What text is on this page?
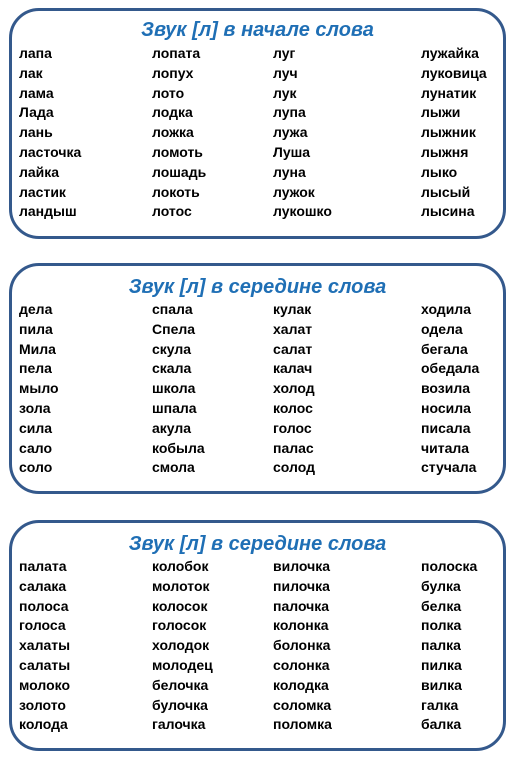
Звук [л] в начале слова
лапа
лак
лама
Лада
лань
ласточка
лайка
ластик
ландыш
лопата
лопух
лото
лодка
ложка
ломоть
лошадь
локоть
лотос
луг
луч
лук
лупа
лужа
Луша
луна
лужок
лукошко
лужайка
луковица
лунатик
лыжи
лыжник
лыжня
лыко
лысый
лысина
Звук [л] в середине слова
дела
пила
Мила
пела
мыло
зола
сила
сало
соло
спала
Спела
скула
скала
школа
шпала
акула
кобыла
смола
кулак
халат
салат
калач
холод
колос
голос
палас
солод
ходила
одела
бегала
обедала
возила
носила
писала
читала
стучала
Звук [л] в середине слова
палата
салака
полоса
голоса
халаты
салаты
молоко
золото
колода
колобок
молоток
колосок
голосок
холодок
молодец
белочка
булочка
галочка
вилочка
пилочка
палочка
колонка
болонка
солонка
колодка
соломка
поломка
полоска
булка
белка
полка
палка
пилка
вилка
галка
балка
